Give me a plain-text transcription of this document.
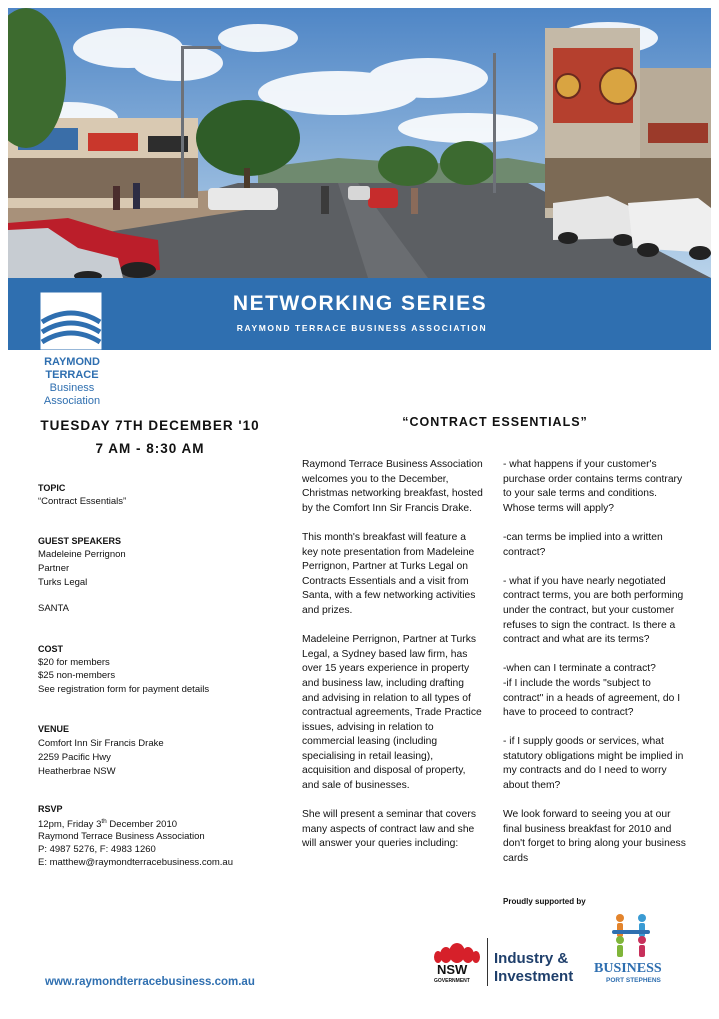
NETWORKING SERIES
RAYMOND TERRACE BUSINESS ASSOCIATION
RAYMOND
TERRACE
Business
Association
TUESDAY 7TH DECEMBER '10
7 AM - 8:30 AM
TOPIC
“Contract Essentials”
GUEST SPEAKERS
Madeleine Perrignon
Partner
Turks Legal
SANTA
COST
$20 for members
$25 non-members
See registration form for payment details
VENUE
Comfort Inn Sir Francis Drake
2259 Pacific Hwy
Heatherbrae NSW
RSVP
12pm, Friday 3th December 2010
Raymond Terrace Business Association
P: 4987 5276, F: 4983 1260
E: matthew@raymondterracebusiness.com.au
“CONTRACT ESSENTIALS”

Raymond Terrace Business Association welcomes you to the December, Christmas networking breakfast, hosted by the Comfort Inn Sir Francis Drake.

This month's breakfast will feature a key note presentation from Madeleine Perrignon, Partner at Turks Legal on Contracts Essentials and a visit from Santa, with a few networking activities and prizes.

Madeleine Perrignon, Partner at Turks Legal, a Sydney based law firm, has over 15 years experience in property and business law, including drafting and advising in relation to all types of contractual agreements, Trade Practice issues, advising in relation to commercial leasing (including specialising in retail leasing), acquisition and disposal of property, and sale of businesses.

She will present a seminar that covers many aspects of contract law and she will answer your queries including:

- what happens if your customer's purchase order contains terms contrary to your sale terms and conditions. Whose terms will apply?

-can terms be implied into a written contract?

- what if you have nearly negotiated contract terms, you are both performing under the contract, but your customer refuses to sign the contract. Is there a contract and what are its terms?

-when can I terminate a contract?

-if I include the words "subject to contract" in a heads of agreement, do I have to proceed to contract?

- if I supply goods or services, what statutory obligations might be implied in my contracts and do I need to worry about them?

We look forward to seeing you at our final business breakfast for 2010 and don't forget to bring along your business cards

Proudly supported by
NSW
GOVERNMENT
Industry &
Investment BUSINESS
PORT STEPHENS
www.raymondterracebusiness.com.au
